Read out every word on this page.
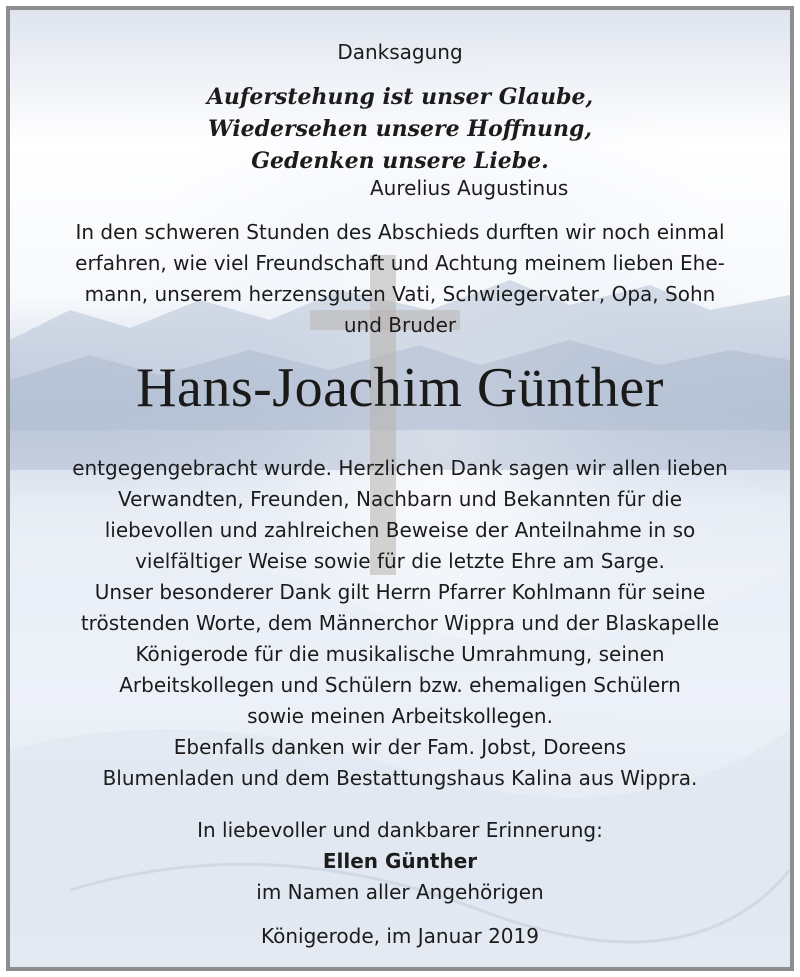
Danksagung
Auferstehung ist unser Glaube,
Wiedersehen unsere Hoffnung,
Gedenken unsere Liebe.
Aurelius Augustinus
In den schweren Stunden des Abschieds durften wir noch einmal
erfahren, wie viel Freundschaft und Achtung meinem lieben Ehe-
mann, unserem herzensguten Vati, Schwiegervater, Opa, Sohn
und Bruder
Hans-Joachim Günther
entgegengebracht wurde. Herzlichen Dank sagen wir allen lieben
Verwandten, Freunden, Nachbarn und Bekannten für die
liebevollen und zahlreichen Beweise der Anteilnahme in so
vielfältiger Weise sowie für die letzte Ehre am Sarge.
Unser besonderer Dank gilt Herrn Pfarrer Kohlmann für seine
tröstenden Worte, dem Männerchor Wippra und der Blaskapelle
Königerode für die musikalische Umrahmung, seinen
Arbeitskollegen und Schülern bzw. ehemaligen Schülern
sowie meinen Arbeitskollegen.
Ebenfalls danken wir der Fam. Jobst, Doreens
Blumenladen und dem Bestattungshaus Kalina aus Wippra.
In liebevoller und dankbarer Erinnerung:
Ellen Günther
im Namen aller Angehörigen
Königerode, im Januar 2019
